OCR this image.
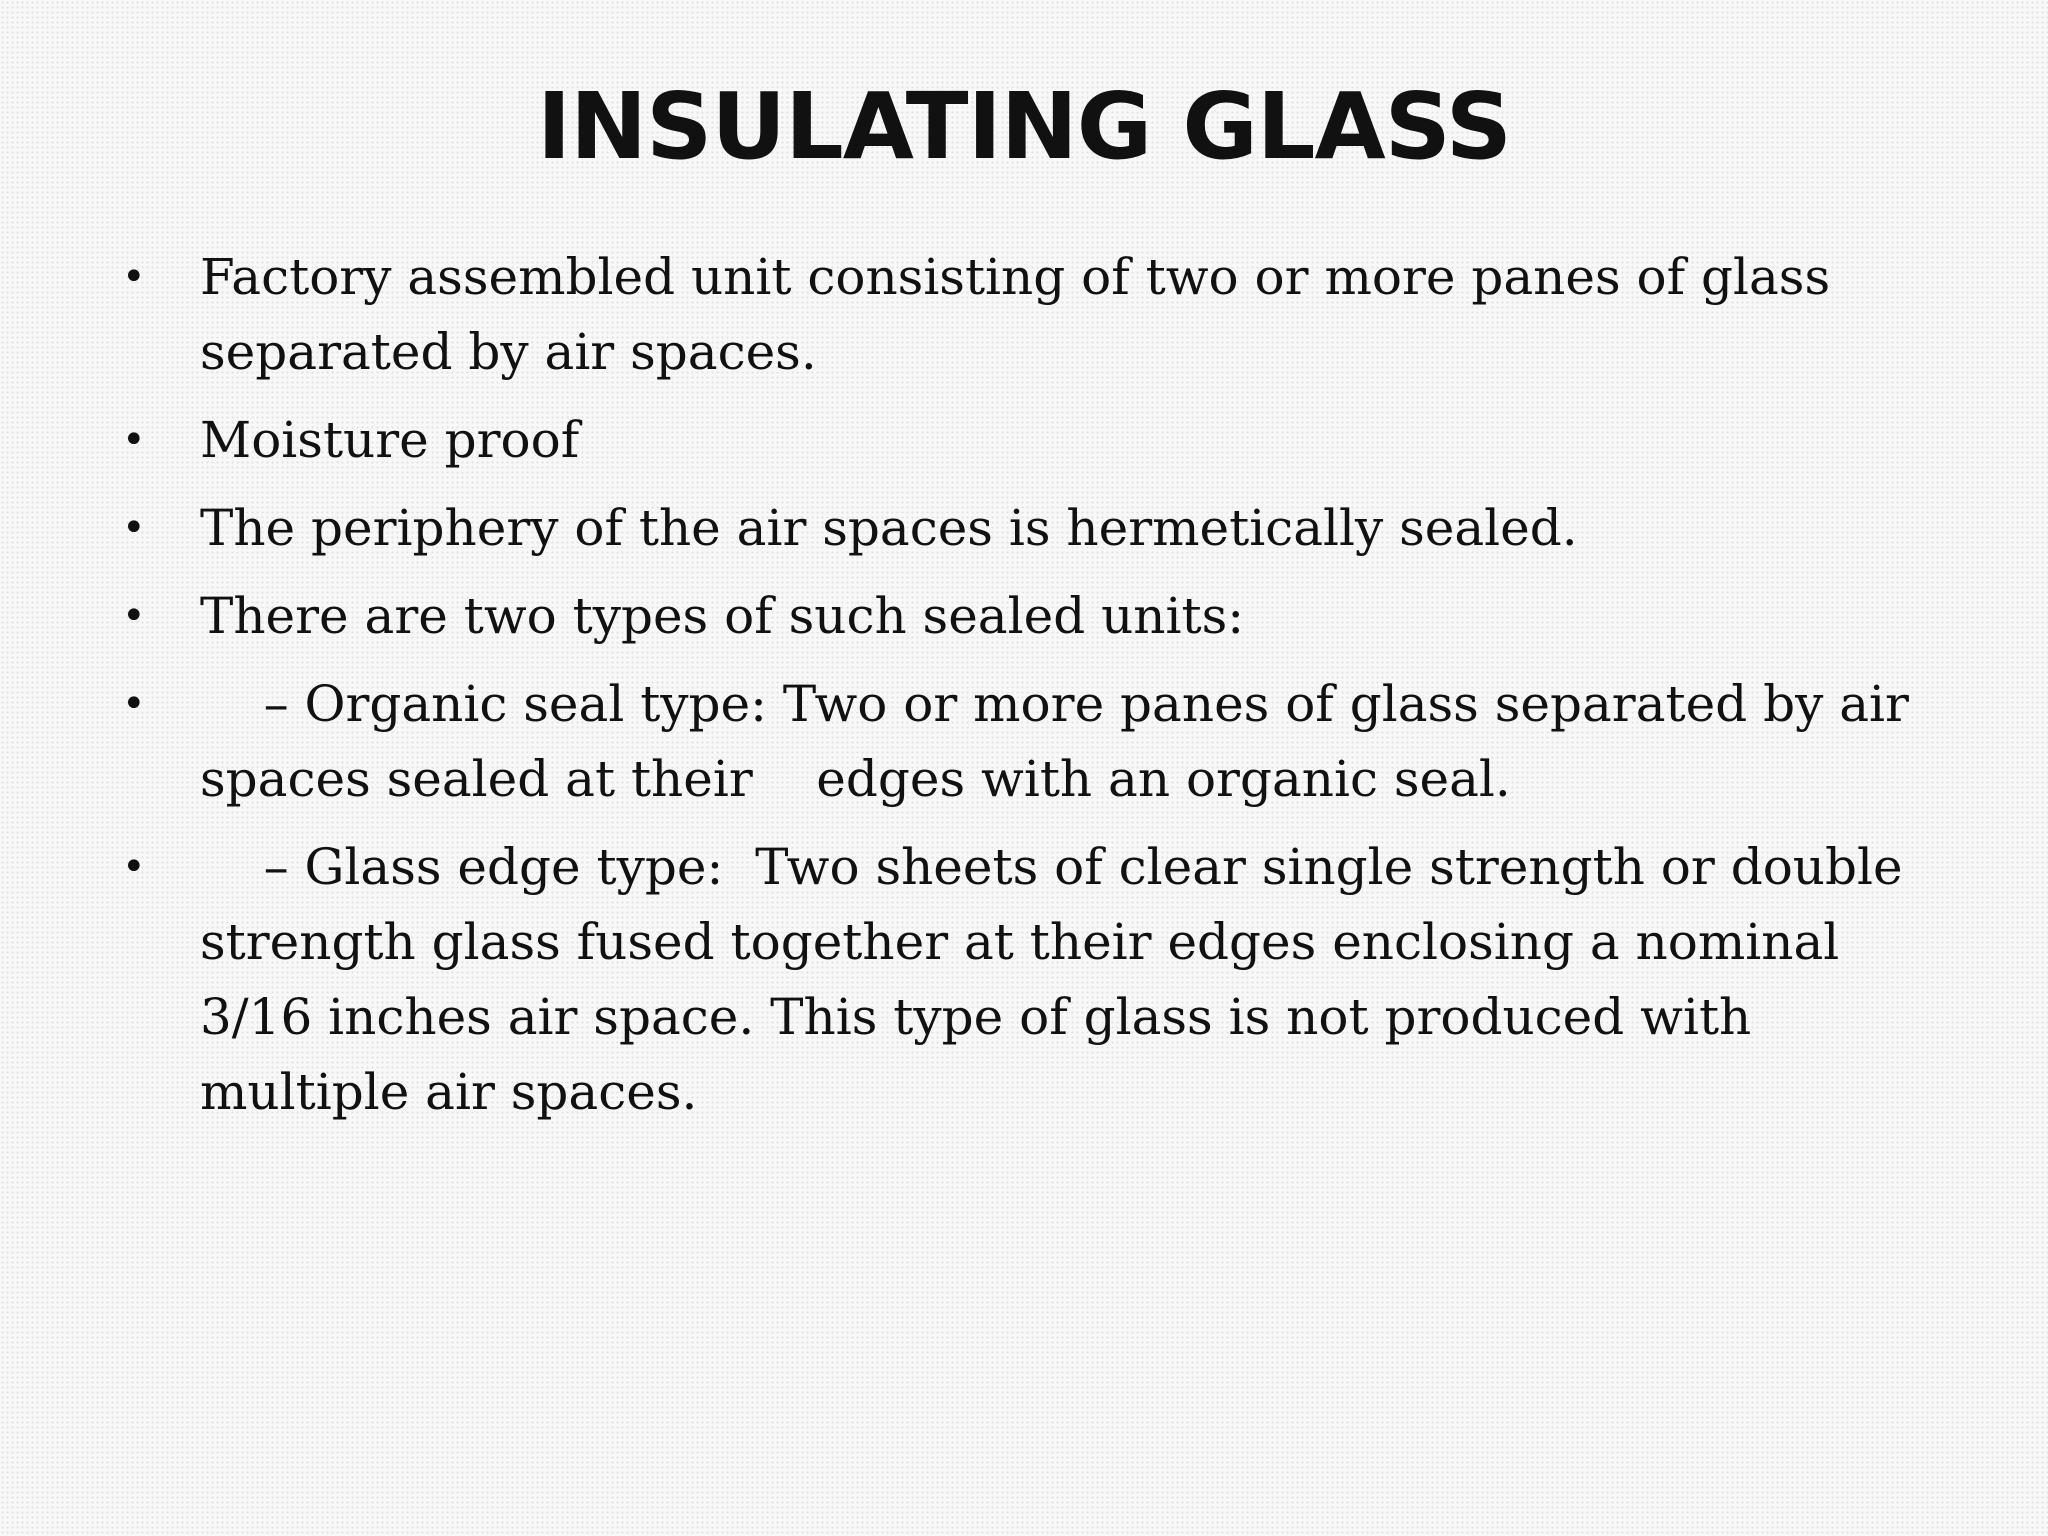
INSULATING GLASS
• Factory assembled unit consisting of two or more panes of glass separated by air spaces.
• Moisture proof
• The periphery of the air spaces is hermetically sealed.
• There are two types of such sealed units:
• – Organic seal type: Two or more panes of glass separated by air spaces sealed at their    edges with an organic seal.
• – Glass edge type:  Two sheets of clear single strength or double strength glass fused together at their edges enclosing a nominal 3/16 inches air space. This type of glass is not produced with multiple air spaces.
